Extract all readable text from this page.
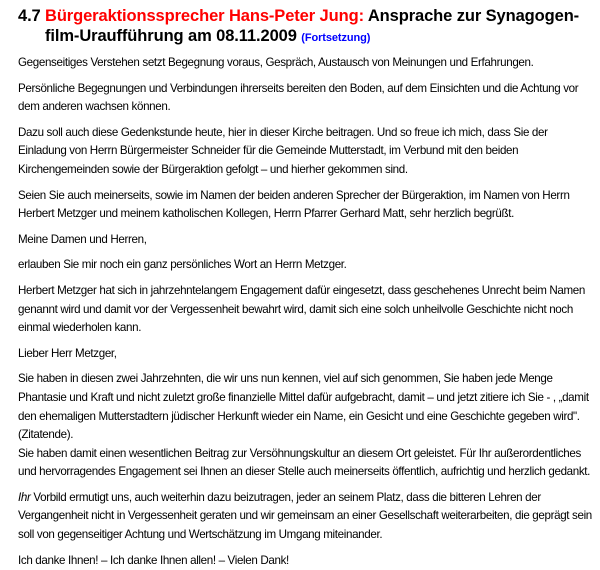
4.7 Bürgeraktionssprecher Hans-Peter Jung: Ansprache zur Synagogen-film-Uraufführung am 08.11.2009 (Fortsetzung)

Gegenseitiges Verstehen setzt Begegnung voraus, Gespräch, Austausch von Meinungen und Erfahrungen.

Persönliche Begegnungen und Verbindungen ihrerseits bereiten den Boden, auf dem Einsichten und die Achtung vor dem anderen wachsen können.

Dazu soll auch diese Gedenkstunde heute, hier in dieser Kirche beitragen. Und so freue ich mich, dass Sie der Einladung von Herrn Bürgermeister Schneider für die Gemeinde Mutterstadt, im Verbund mit den beiden Kirchengemeinden sowie der Bürgeraktion gefolgt – und hierher gekommen sind.

Seien Sie auch meinerseits, sowie im Namen der beiden anderen Sprecher der Bürgeraktion, im Namen von Herrn Herbert Metzger und meinem katholischen Kollegen, Herrn Pfarrer Gerhard Matt, sehr herzlich begrüßt.

Meine Damen und Herren,

erlauben Sie mir noch ein ganz persönliches Wort an Herrn Metzger.

Herbert Metzger hat sich in jahrzehntelangem Engagement dafür eingesetzt, dass geschehenes Unrecht beim Namen genannt wird und damit vor der Vergessenheit bewahrt wird, damit sich eine solch unheilvolle Geschichte nicht noch einmal wiederholen kann.

Lieber Herr Metzger,

Sie haben in diesen zwei Jahrzehnten, die wir uns nun kennen, viel auf sich genommen, Sie haben jede Menge Phantasie und Kraft und nicht zuletzt große finanzielle Mittel dafür aufgebracht, damit – und jetzt zitiere ich Sie - , „damit den ehemaligen Mutterstadtern jüdischer Herkunft wieder ein Name, ein Gesicht und eine Geschichte gegeben wird". (Zitatende).

Sie haben damit einen wesentlichen Beitrag zur Versöhnungskultur an diesem Ort geleistet. Für Ihr außerordentliches und hervorragendes Engagement sei Ihnen an dieser Stelle auch meinerseits öffentlich, aufrichtig und herzlich gedankt.

Ihr Vorbild ermutigt uns, auch weiterhin dazu beizutragen, jeder an seinem Platz, dass die bitteren Lehren der Vergangenheit nicht in Vergessenheit geraten und wir gemeinsam an einer Gesellschaft weiterarbeiten, die geprägt sein soll von gegenseitiger Achtung und Wertschätzung im Umgang miteinander.

Ich danke Ihnen! – Ich danke Ihnen allen! – Vielen Dank!
